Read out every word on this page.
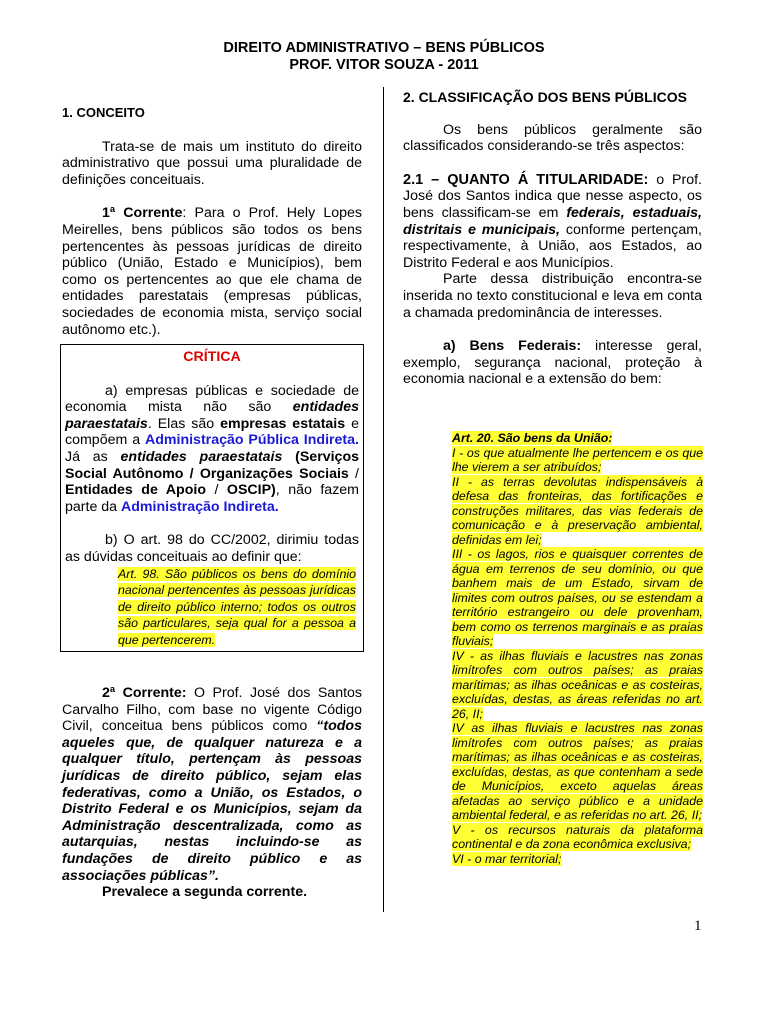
DIREITO ADMINISTRATIVO – BENS PÚBLICOS
PROF. VITOR SOUZA - 2011

1. CONCEITO

Trata-se de mais um instituto do direito administrativo que possui uma pluralidade de definições conceituais.

1ª Corrente: Para o Prof. Hely Lopes Meirelles, bens públicos são todos os bens pertencentes às pessoas jurídicas de direito público (União, Estado e Municípios), bem como os pertencentes ao que ele chama de entidades parestatais (empresas públicas, sociedades de economia mista, serviço social autônomo etc.).

CRÍTICA

a) empresas públicas e sociedade de economia mista não são entidades paraestatais. Elas são empresas estatais e compõem a Administração Pública Indireta. Já as entidades paraestatais (Serviços Social Autônomo / Organizações Sociais / Entidades de Apoio / OSCIP), não fazem parte da Administração Indireta.

b) O art. 98 do CC/2002, dirimiu todas as dúvidas conceituais ao definir que:

Art. 98. São públicos os bens do domínio nacional pertencentes às pessoas jurídicas de direito público interno; todos os outros são particulares, seja qual for a pessoa a que pertencerem.

2ª Corrente: O Prof. José dos Santos Carvalho Filho, com base no vigente Código Civil, conceitua bens públicos como “todos aqueles que, de qualquer natureza e a qualquer título, pertençam às pessoas jurídicas de direito público, sejam elas federativas, como a União, os Estados, o Distrito Federal e os Municípios, sejam da Administração descentralizada, como as autarquias, nestas incluindo-se as fundações de direito público e as associações públicas”.

Prevalece a segunda corrente.

2. CLASSIFICAÇÃO DOS BENS PÚBLICOS

Os bens públicos geralmente são classificados considerando-se três aspectos:

2.1 – QUANTO Á TITULARIDADE: o Prof. José dos Santos indica que nesse aspecto, os bens classificam-se em federais, estaduais, distritais e municipais, conforme pertençam, respectivamente, à União, aos Estados, ao Distrito Federal e aos Municípios.

Parte dessa distribuição encontra-se inserida no texto constitucional e leva em conta a chamada predominância de interesses.

a) Bens Federais: interesse geral, exemplo, segurança nacional, proteção à economia nacional e a extensão do bem:

Art. 20. São bens da União:

I - os que atualmente lhe pertencem e os que lhe vierem a ser atribuídos;

II - as terras devolutas indispensáveis à defesa das fronteiras, das fortificações e construções militares, das vias federais de comunicação e à preservação ambiental, definidas em lei;

III - os lagos, rios e quaisquer correntes de água em terrenos de seu domínio, ou que banhem mais de um Estado, sirvam de limites com outros países, ou se estendam a território estrangeiro ou dele provenham, bem como os terrenos marginais e as praias fluviais;

IV - as ilhas fluviais e lacustres nas zonas limítrofes com outros países; as praias marítimas; as ilhas oceânicas e as costeiras, excluídas, destas, as áreas referidas no art. 26, II;

IV as ilhas fluviais e lacustres nas zonas limítrofes com outros países; as praias marítimas; as ilhas oceânicas e as costeiras, excluídas, destas, as que contenham a sede de Municípios, exceto aquelas áreas afetadas ao serviço público e a unidade ambiental federal, e as referidas no art. 26, II;

V - os recursos naturais da plataforma continental e da zona econômica exclusiva;

VI - o mar territorial;

1
